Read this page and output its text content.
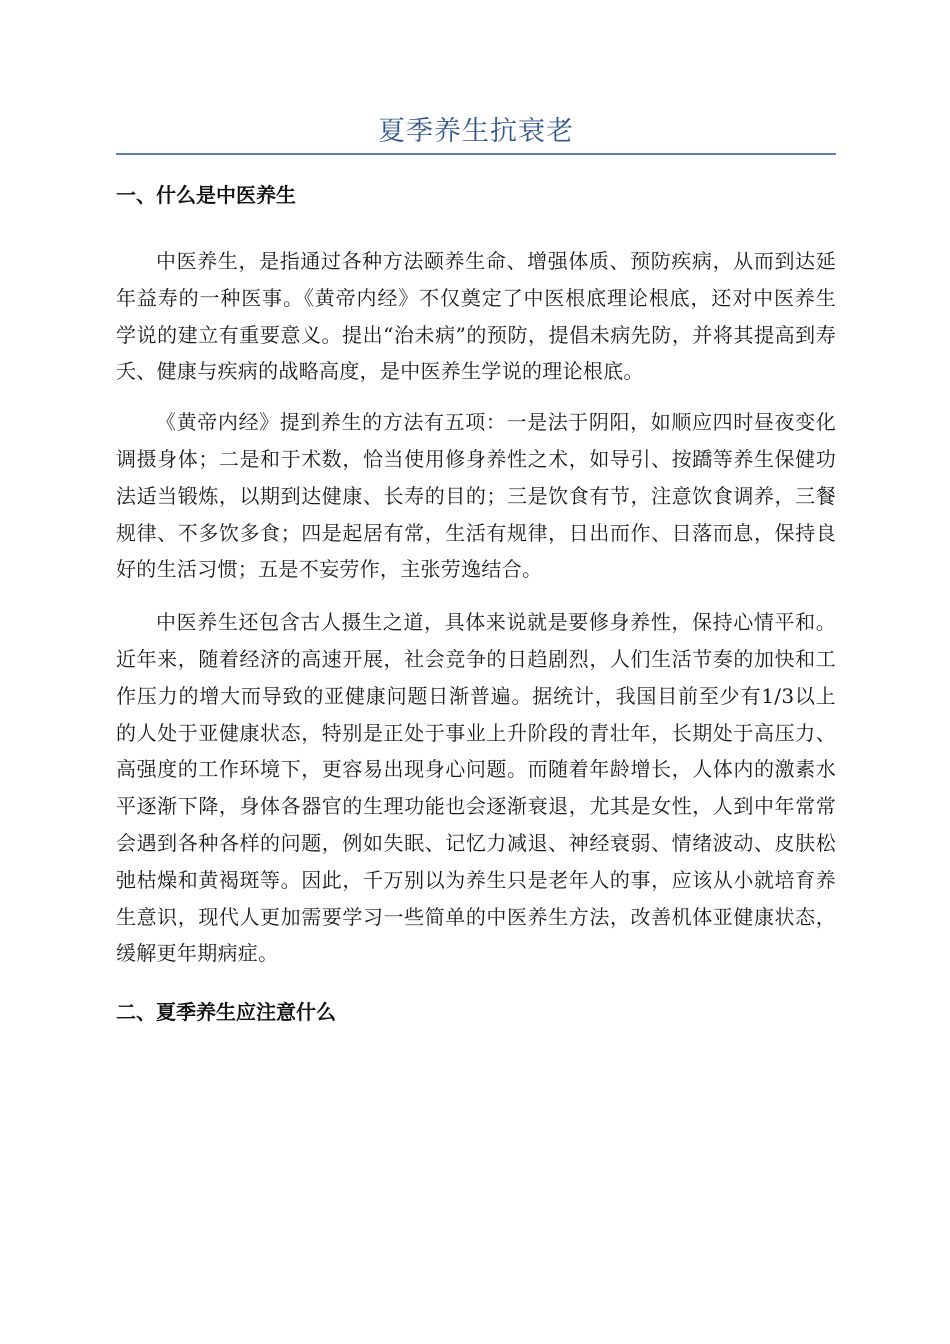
夏季养生抗衰老
一、什么是中医养生

中医养生，是指通过各种方法颐养生命、增强体质、预防疾病，从而到达延年益寿的一种医事。《黄帝内经》不仅奠定了中医根底理论根底，还对中医养生学说的建立有重要意义。提出“治未病”的预防，提倡未病先防，并将其提高到寿夭、健康与疾病的战略高度，是中医养生学说的理论根底。

《黄帝内经》提到养生的方法有五项：一是法于阴阳，如顺应四时昼夜变化调摄身体；二是和于术数，恰当使用修身养性之术，如导引、按蹻等养生保健功法适当锻炼，以期到达健康、长寿的目的；三是饮食有节，注意饮食调养，三餐规律、不多饮多食；四是起居有常，生活有规律，日出而作、日落而息，保持良好的生活习惯；五是不妄劳作，主张劳逸结合。

中医养生还包含古人摄生之道，具体来说就是要修身养性，保持心情平和。近年来，随着经济的高速开展，社会竞争的日趋剧烈，人们生活节奏的加快和工作压力的增大而导致的亚健康问题日渐普遍。据统计，我国目前至少有1/3以上的人处于亚健康状态，特别是正处于事业上升阶段的青壮年，长期处于高压力、高强度的工作环境下，更容易出现身心问题。而随着年龄增长，人体内的激素水平逐渐下降，身体各器官的生理功能也会逐渐衰退，尤其是女性，人到中年常常会遇到各种各样的问题，例如失眠、记忆力减退、神经衰弱、情绪波动、皮肤松弛枯燥和黄褐斑等。因此，千万别以为养生只是老年人的事，应该从小就培育养生意识，现代人更加需要学习一些简单的中医养生方法，改善机体亚健康状态，缓解更年期病症。

二、夏季养生应注意什么
